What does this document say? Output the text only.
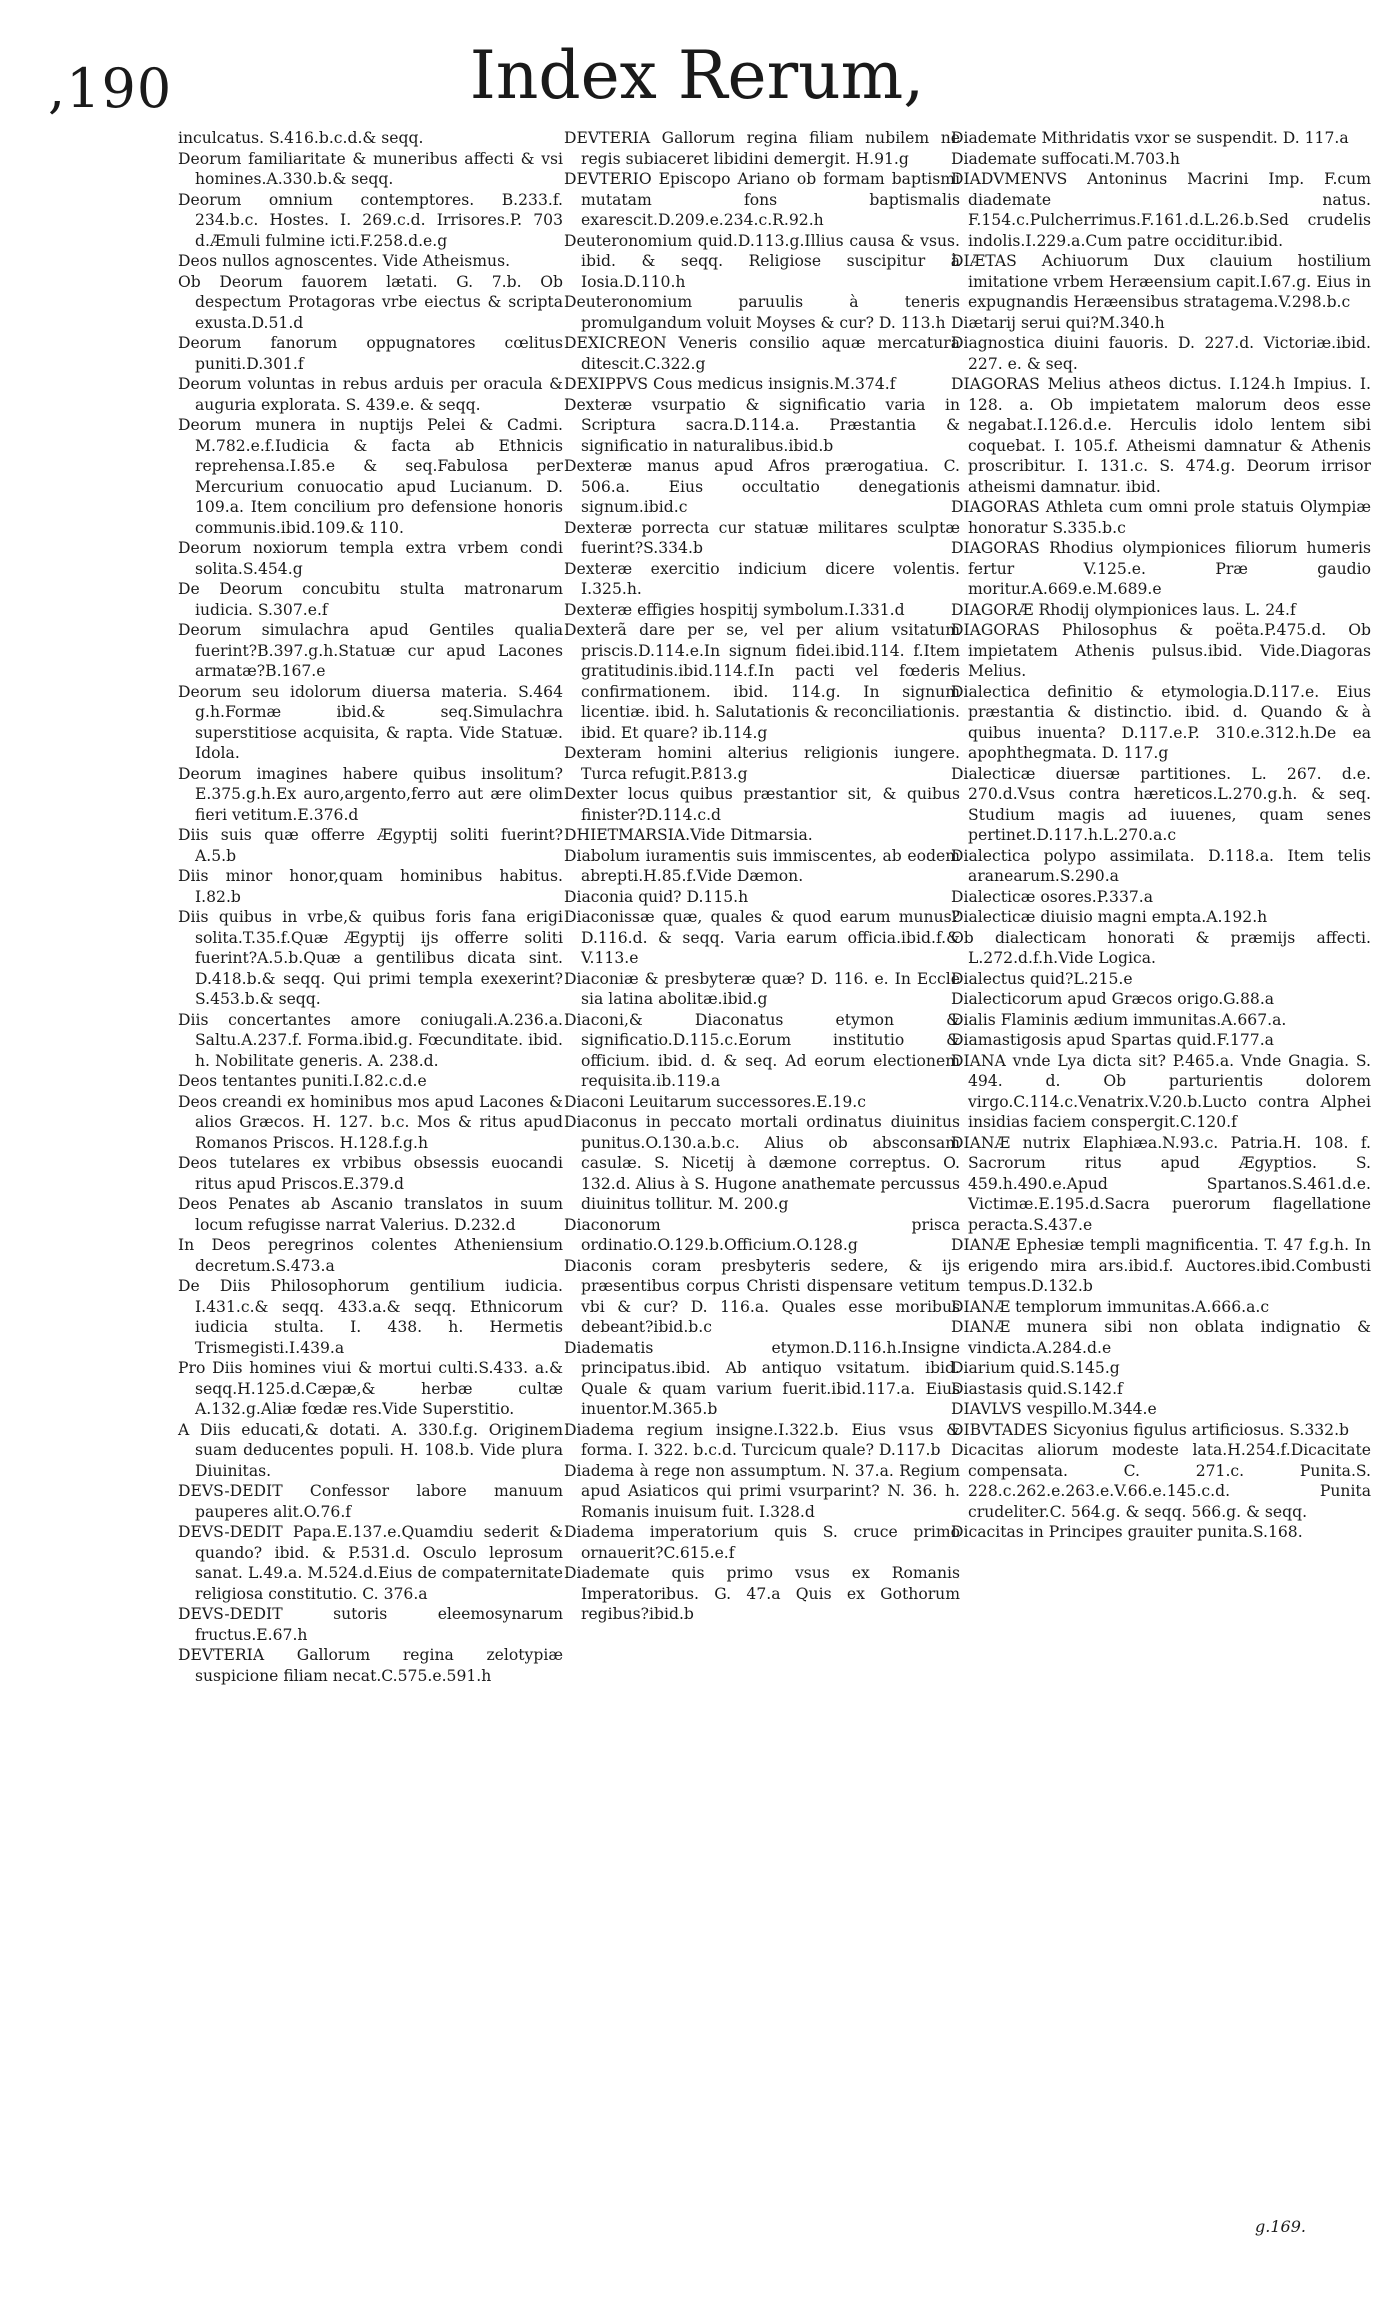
,190	Index Rerum,

inculcatus. S.416.b.c.d.& seqq.

Deorum familiaritate & muneribus affecti & vsi homines.A.330.b.& seqq.

Deorum omnium contemptores. B.233.f. 234.b.c. Hostes. I. 269.c.d. Irrisores.P. 703 d.Æmuli fulmine icti.F.258.d.e.g

Deos nullos agnoscentes. Vide Atheismus.

Ob Deorum fauorem lætati. G. 7.b. Ob despectum Protagoras vrbe eiectus & scripta exusta.D.51.d

Deorum fanorum oppugnatores cœlitus puniti.D.301.f

Deorum voluntas in rebus arduis per oracula & auguria explorata. S. 439.e. & seqq.

Deorum munera in nuptijs Pelei & Cadmi. M.782.e.f.Iudicia & facta ab Ethnicis reprehensa.I.85.e & seq.Fabulosa per Mercurium conuocatio apud Lucianum. D. 109.a. Item concilium pro defensione honoris communis.ibid.109.& 110.

Deorum noxiorum templa extra vrbem condi solita.S.454.g

De Deorum concubitu stulta matronarum iudicia. S.307.e.f

Deorum simulachra apud Gentiles qualia fuerint?B.397.g.h.Statuæ cur apud Lacones armatæ?B.167.e

Deorum seu idolorum diuersa materia. S.464 g.h.Formæ ibid.& seq.Simulachra superstitiose acquisita, & rapta. Vide Statuæ. Idola.

Deorum imagines habere quibus insolitum? E.375.g.h.Ex auro,argento,ferro aut ære olim fieri vetitum.E.376.d

Diis suis quæ offerre Ægyptij soliti fuerint? A.5.b

Diis minor honor,quam hominibus habitus. I.82.b

Diis quibus in vrbe,& quibus foris fana erigi solita.T.35.f.Quæ Ægyptij ijs offerre soliti fuerint?A.5.b.Quæ a gentilibus dicata sint. D.418.b.& seqq. Qui primi templa exexerint?S.453.b.& seqq.

Diis concertantes amore coniugali.A.236.a. Saltu.A.237.f. Forma.ibid.g. Fœcunditate. ibid. h. Nobilitate generis. A. 238.d.

Deos tentantes puniti.I.82.c.d.e

Deos creandi ex hominibus mos apud Lacones & alios Græcos. H. 127. b.c. Mos & ritus apud Romanos Priscos. H.128.f.g.h

Deos tutelares ex vrbibus obsessis euocandi ritus apud Priscos.E.379.d

Deos Penates ab Ascanio translatos in suum locum refugisse narrat Valerius. D.232.d

In Deos peregrinos colentes Atheniensium decretum.S.473.a

De Diis Philosophorum gentilium iudicia. I.431.c.& seqq. 433.a.& seqq. Ethnicorum iudicia stulta. I. 438. h. Hermetis Trismegisti.I.439.a

Pro Diis homines viui & mortui culti.S.433. a.& seqq.H.125.d.Cæpæ,& herbæ cultæ A.132.g.Aliæ fœdæ res.Vide Superstitio.

A Diis educati,& dotati. A. 330.f.g. Originem suam deducentes populi. H. 108.b. Vide plura Diuinitas.

DEVS-DEDIT Confessor labore manuum pauperes alit.O.76.f

DEVS-DEDIT Papa.E.137.e.Quamdiu sederit & quando? ibid. & P.531.d. Osculo leprosum sanat. L.49.a. M.524.d.Eius de compaternitate religiosa constitutio. C. 376.a

DEVS-DEDIT sutoris eleemosynarum fructus.E.67.h

DEVTERIA Gallorum regina zelotypiæ suspicione filiam necat.C.575.e.591.h

DEVTERIA Gallorum regina filiam nubilem ne regis subiaceret libidini demergit. H.91.g

DEVTERIO Episcopo Ariano ob formam baptismi mutatam fons baptismalis exarescit.D.209.e.234.c.R.92.h

Deuteronomium quid.D.113.g.Illius causa & vsus. ibid. & seqq. Religiose suscipitur à Iosia.D.110.h

Deuteronomium paruulis à teneris promulgandum voluit Moyses & cur? D. 113.h

DEXICREON Veneris consilio aquæ mercatura ditescit.C.322.g

DEXIPPVS Cous medicus insignis.M.374.f

Dexteræ vsurpatio & significatio varia in Scriptura sacra.D.114.a. Præstantia & significatio in naturalibus.ibid.b

Dexteræ manus apud Afros prærogatiua. C. 506.a. Eius occultatio denegationis signum.ibid.c

Dexteræ porrecta cur statuæ militares sculptæ fuerint?S.334.b

Dexteræ exercitio indicium dicere volentis. I.325.h.

Dexteræ effigies hospitij symbolum.I.331.d

Dexterã dare per se, vel per alium vsitatum priscis.D.114.e.In signum fidei.ibid.114. f.Item gratitudinis.ibid.114.f.In pacti vel fœderis confirmationem. ibid. 114.g. In signum licentiæ. ibid. h. Salutationis & reconciliationis. ibid. Et quare? ib.114.g

Dexteram homini alterius religionis iungere. Turca refugit.P.813.g

Dexter locus quibus præstantior sit, & quibus finister?D.114.c.d

DHIETMARSIA.Vide Ditmarsia.

Diabolum iuramentis suis immiscentes, ab eodem abrepti.H.85.f.Vide Dæmon.

Diaconia quid? D.115.h

Diaconissæ quæ, quales & quod earum munus? D.116.d. & seqq. Varia earum officia.ibid.f.& V.113.e

Diaconiæ & presbyteræ quæ? D. 116. e. In Eccle sia latina abolitæ.ibid.g

Diaconi,& Diaconatus etymon & significatio.D.115.c.Eorum institutio & officium. ibid. d. & seq. Ad eorum electionem requisita.ib.119.a

Diaconi Leuitarum successores.E.19.c

Diaconus in peccato mortali ordinatus diuinitus punitus.O.130.a.b.c. Alius ob absconsam casulæ. S. Nicetij à dæmone correptus. O. 132.d. Alius à S. Hugone anathemate percussus diuinitus tollitur. M. 200.g

Diaconorum prisca ordinatio.O.129.b.Officium.O.128.g

Diaconis coram presbyteris sedere, & ijs præsentibus corpus Christi dispensare vetitum vbi & cur? D. 116.a. Quales esse moribus debeant?ibid.b.c

Diadematis etymon.D.116.h.Insigne principatus.ibid. Ab antiquo vsitatum. ibid. Quale & quam varium fuerit.ibid.117.a. Eius inuentor.M.365.b

Diadema regium insigne.I.322.b. Eius vsus & forma. I. 322. b.c.d. Turcicum quale? D.117.b

Diadema à rege non assumptum. N. 37.a. Regium apud Asiaticos qui primi vsurparint? N. 36. h. Romanis inuisum fuit. I.328.d

Diadema imperatorium quis S. cruce primo ornauerit?C.615.e.f

Diademate quis primo vsus ex Romanis Imperatoribus. G. 47.a Quis ex Gothorum regibus?ibid.b

Diademate Mithridatis vxor se suspendit. D. 117.a

Diademate suffocati.M.703.h

DIADVMENVS Antoninus Macrini Imp. F.cum diademate natus. F.154.c.Pulcherrimus.F.161.d.L.26.b.Sed crudelis indolis.I.229.a.Cum patre occiditur.ibid.

DIÆTAS Achiuorum Dux clauium hostilium imitatione vrbem Heræensium capit.I.67.g. Eius in expugnandis Heræensibus stratagema.V.298.b.c

Diætarij serui qui?M.340.h

Diagnostica diuini fauoris. D. 227.d. Victoriæ.ibid. 227. e. & seq.

DIAGORAS Melius atheos dictus. I.124.h Impius. I. 128. a. Ob impietatem malorum deos esse negabat.I.126.d.e. Herculis idolo lentem sibi coquebat. I. 105.f. Atheismi damnatur & Athenis proscribitur. I. 131.c. S. 474.g. Deorum irrisor atheismi damnatur. ibid.

DIAGORAS Athleta cum omni prole statuis Olympiæ honoratur S.335.b.c

DIAGORAS Rhodius olympionices filiorum humeris fertur V.125.e. Præ gaudio moritur.A.669.e.M.689.e

DIAGORÆ Rhodij olympionices laus. L. 24.f

DIAGORAS Philosophus & poëta.P.475.d. Ob impietatem Athenis pulsus.ibid. Vide.Diagoras Melius.

Dialectica definitio & etymologia.D.117.e. Eius præstantia & distinctio. ibid. d. Quando & à quibus inuenta? D.117.e.P. 310.e.312.h.De ea apophthegmata. D. 117.g

Dialecticæ diuersæ partitiones. L. 267. d.e. 270.d.Vsus contra hæreticos.L.270.g.h. & seq. Studium magis ad iuuenes, quam senes pertinet.D.117.h.L.270.a.c

Dialectica polypo assimilata. D.118.a. Item telis aranearum.S.290.a

Dialecticæ osores.P.337.a

Dialecticæ diuisio magni empta.A.192.h

Ob dialecticam honorati & præmijs affecti. L.272.d.f.h.Vide Logica.

Dialectus quid?L.215.e

Dialecticorum apud Græcos origo.G.88.a

Dialis Flaminis ædium immunitas.A.667.a.

Diamastigosis apud Spartas quid.F.177.a

DIANA vnde Lya dicta sit? P.465.a. Vnde Gnagia. S. 494. d. Ob parturientis dolorem virgo.C.114.c.Venatrix.V.20.b.Lucto contra Alphei insidias faciem conspergit.C.120.f

DIANÆ nutrix Elaphiæa.N.93.c. Patria.H. 108. f. Sacrorum ritus apud Ægyptios. S. 459.h.490.e.Apud Spartanos.S.461.d.e. Victimæ.E.195.d.Sacra puerorum flagellatione peracta.S.437.e

DIANÆ Ephesiæ templi magnificentia. T. 47 f.g.h. In erigendo mira ars.ibid.f. Auctores.ibid.Combusti tempus.D.132.b

DIANÆ templorum immunitas.A.666.a.c

DIANÆ munera sibi non oblata indignatio & vindicta.A.284.d.e

Diarium quid.S.145.g

Diastasis quid.S.142.f

DIAVLVS vespillo.M.344.e

DIBVTADES Sicyonius figulus artificiosus. S.332.b

Dicacitas aliorum modeste lata.H.254.f.Dicacitate compensata. C. 271.c. Punita.S. 228.c.262.e.263.e.V.66.e.145.c.d. Punita crudeliter.C. 564.g. & seqq. 566.g. & seqq.

Dicacitas in Principes grauiter punita.S.168.

g.169.
